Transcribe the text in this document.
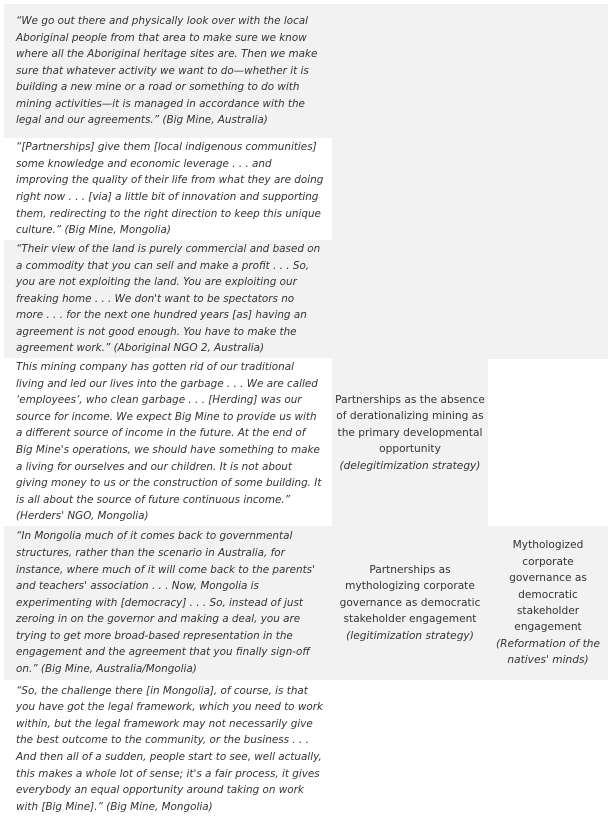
“We go out there and physically look over with the local Aboriginal people from that area to make sure we know where all the Aboriginal heritage sites are. Then we make sure that whatever activity we want to do—whether it is building a new mine or a road or something to do with mining activities—it is managed in accordance with the legal and our agreements.” (Big Mine, Australia)
“[Partnerships] give them [local indigenous communities] some knowledge and economic leverage . . . and improving the quality of their life from what they are doing right now . . . [via] a little bit of innovation and supporting them, redirecting to the right direction to keep this unique culture.” (Big Mine, Mongolia)
“Their view of the land is purely commercial and based on a commodity that you can sell and make a profit . . . So, you are not exploiting the land. You are exploiting our freaking home . . . We don't want to be spectators no more . . . for the next one hundred years [as] having an agreement is not good enough. You have to make the agreement work.” (Aboriginal NGO 2, Australia)
This mining company has gotten rid of our traditional living and led our lives into the garbage . . . We are called ‘employees’, who clean garbage . . . [Herding] was our source for income. We expect Big Mine to provide us with a different source of income in the future. At the end of Big Mine's operations, we should have something to make a living for ourselves and our children. It is not about giving money to us or the construction of some building. It is all about the source of future continuous income.” (Herders' NGO, Mongolia)
“In Mongolia much of it comes back to governmental structures, rather than the scenario in Australia, for instance, where much of it will come back to the parents' and teachers' association . . . Now, Mongolia is experimenting with [democracy] . . . So, instead of just zeroing in on the governor and making a deal, you are trying to get more broad-based representation in the engagement and the agreement that you finally sign-off on.” (Big Mine, Australia/Mongolia)
“So, the challenge there [in Mongolia], of course, is that you have got the legal framework, which you need to work within, but the legal framework may not necessarily give the best outcome to the community, or the business . . . And then all of a sudden, people start to see, well actually, this makes a whole lot of sense; it's a fair process, it gives everybody an equal opportunity around taking on work with [Big Mine].” (Big Mine, Mongolia)
Partnerships as the absence of derationalizing mining as the primary developmental opportunity
(delegitimization strategy)
Partnerships as mythologizing corporate governance as democratic stakeholder engagement
(legitimization strategy)
Mythologized corporate governance as democratic stakeholder engagement
(Reformation of the natives' minds)
